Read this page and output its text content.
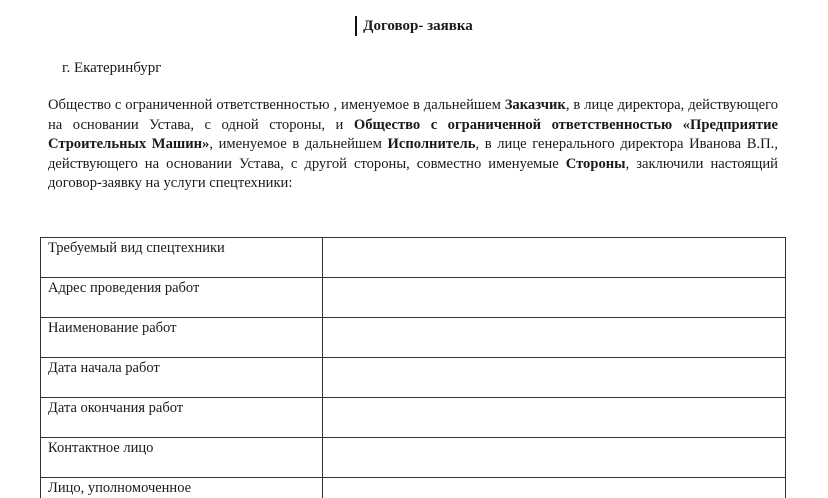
Договор- заявка
г. Екатеринбург
Общество с ограниченной ответственностью , именуемое в дальнейшем Заказчик, в лице директора, действующего на основании Устава, с одной стороны, и Общество с ограниченной ответственностью «Предприятие Строительных Машин», именуемое в дальнейшем Исполнитель, в лице генерального директора Иванова В.П., действующего на основании Устава, с другой стороны, совместно именуемые Стороны, заключили настоящий договор-заявку на услуги спецтехники:
Требуемый вид спецтехники	
Адрес проведения работ	
Наименование работ	
Дата начала работ	
Дата окончания работ	
Контактное лицо	
Лицо, уполномоченное	
